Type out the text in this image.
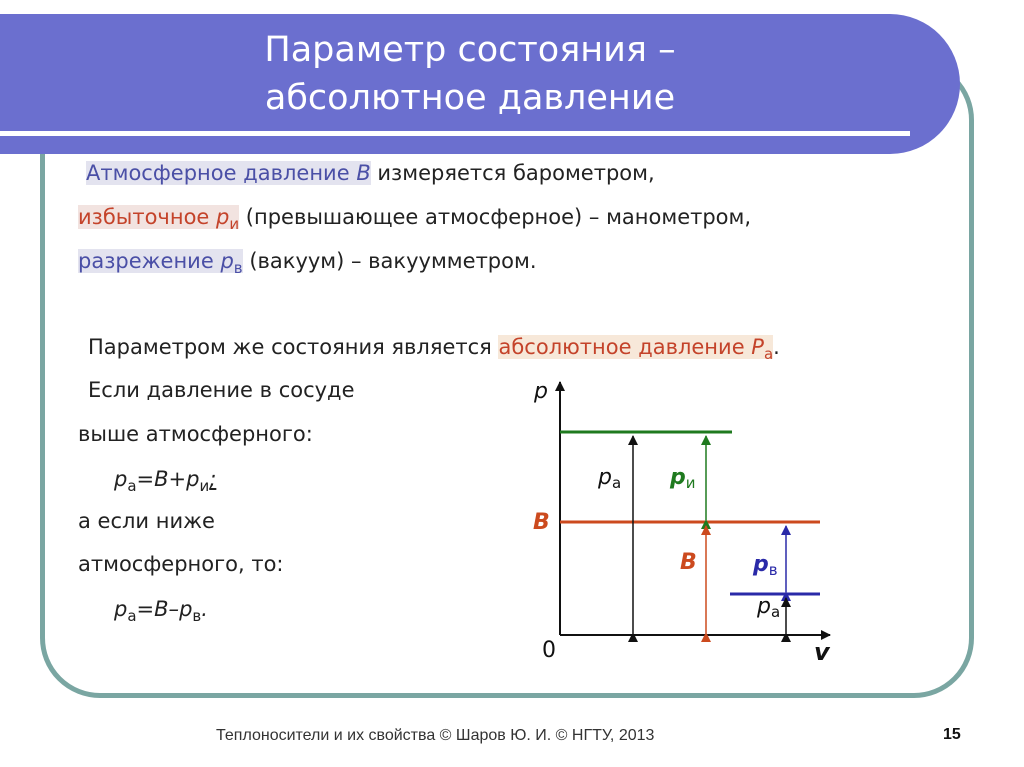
Параметр состояния –
абсолютное давление
Атмосферное давление B измеряется барометром,
избыточное $p_и$ (превышающее атмосферное) – манометром,
разрежение $p_в$ (вакуум) – вакуумметром.
Параметром же состояния является абсолютное давление $P_а$.
Если давление в сосуде
выше атмосферного:
$p_а=B+p_и$;
а если ниже
атмосферного, то:
$p_а=B-p_в$.
p
v
0
B
pа pи
B	pв
pа
Теплоносители и их свойства © Шаров Ю. И. © НГТУ, 2013	15
